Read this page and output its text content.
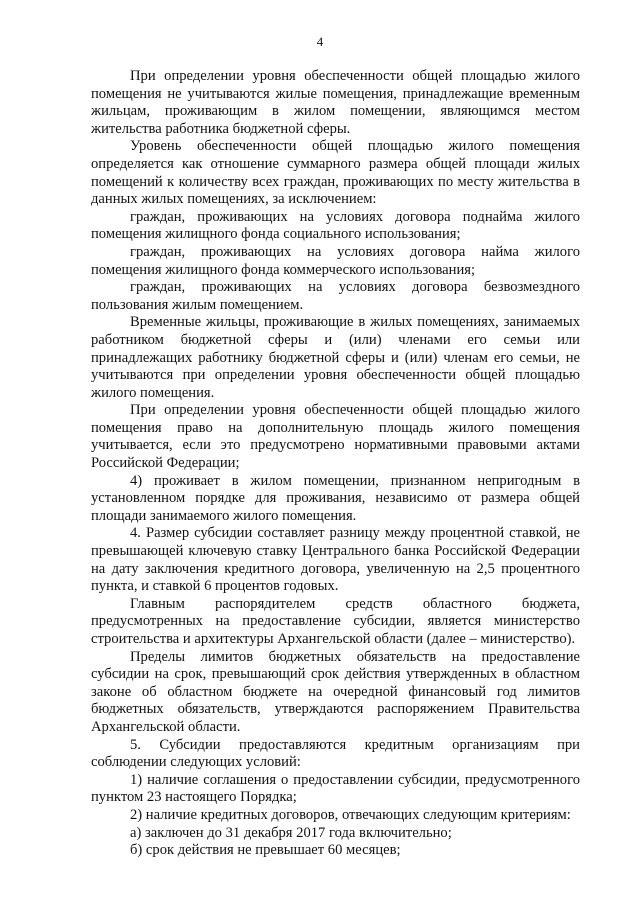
4

При определении уровня обеспеченности общей площадью жилого помещения не учитываются жилые помещения, принадлежащие временным жильцам, проживающим в жилом помещении, являющимся местом жительства работника бюджетной сферы.

Уровень обеспеченности общей площадью жилого помещения определяется как отношение суммарного размера общей площади жилых помещений к количеству всех граждан, проживающих по месту жительства в данных жилых помещениях, за исключением:

граждан, проживающих на условиях договора поднайма жилого помещения жилищного фонда социального использования;

граждан, проживающих на условиях договора найма жилого помещения жилищного фонда коммерческого использования;

граждан, проживающих на условиях договора безвозмездного пользования жилым помещением.

Временные жильцы, проживающие в жилых помещениях, занимаемых работником бюджетной сферы и (или) членами его семьи или принадлежащих работнику бюджетной сферы и (или) членам его семьи, не учитываются при определении уровня обеспеченности общей площадью жилого помещения.

При определении уровня обеспеченности общей площадью жилого помещения право на дополнительную площадь жилого помещения учитывается, если это предусмотрено нормативными правовыми актами Российской Федерации;

4) проживает в жилом помещении, признанном непригодным в установленном порядке для проживания, независимо от размера общей площади занимаемого жилого помещения.

4. Размер субсидии составляет разницу между процентной ставкой, не превышающей ключевую ставку Центрального банка Российской Федерации на дату заключения кредитного договора, увеличенную на 2,5 процентного пункта, и ставкой 6 процентов годовых.

Главным распорядителем средств областного бюджета, предусмотренных на предоставление субсидии, является министерство строительства и архитектуры Архангельской области (далее – министерство).

Пределы лимитов бюджетных обязательств на предоставление субсидии на срок, превышающий срок действия утвержденных в областном законе об областном бюджете на очередной финансовый год лимитов бюджетных обязательств, утверждаются распоряжением Правительства Архангельской области.

5. Субсидии предоставляются кредитным организациям при соблюдении следующих условий:

1) наличие соглашения о предоставлении субсидии, предусмотренного пунктом 23 настоящего Порядка;

2) наличие кредитных договоров, отвечающих следующим критериям:

а) заключен до 31 декабря 2017 года включительно;

б) срок действия не превышает 60 месяцев;
